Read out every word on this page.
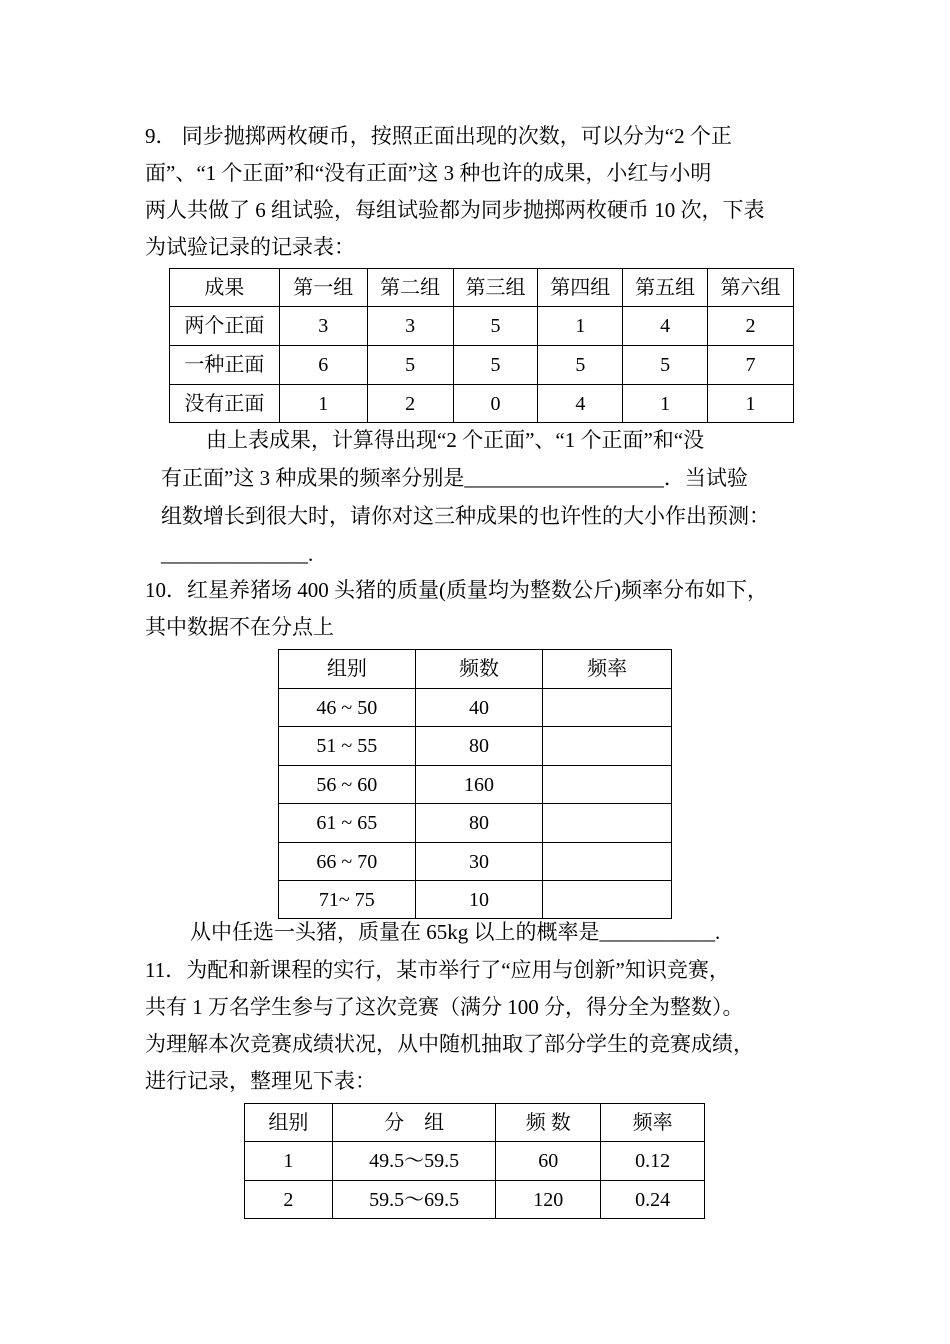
9． 同步抛掷两枚硬币，按照正面出现的次数，可以分为“2 个正
面”、“1 个正面”和“没有正面”这 3 种也许的成果，小红与小明
两人共做了 6 组试验，每组试验都为同步抛掷两枚硬币 10 次，下表
为试验记录的记录表：
成果	第一组	第二组	第三组	第四组	第五组	第六组
两个正面	3	3	5	1	4	2
一种正面	6	5	5	5	5	7
没有正面	1	2	0	4	1	1
由上表成果，计算得出现“2 个正面”、“1 个正面”和“没
有正面”这 3 种成果的频率分别是___________________．当试验
组数增长到很大时，请你对这三种成果的也许性的大小作出预测：
______________.
10．红星养猪场 400 头猪的质量(质量均为整数公斤)频率分布如下，
其中数据不在分点上
组别	频数	频率
46 ~ 50	40	
51 ~ 55	80	
56 ~ 60	160	
61 ~ 65	80	
66 ~ 70	30	
71~ 75	10	
从中任选一头猪，质量在 65kg 以上的概率是___________.
11．为配和新课程的实行，某市举行了“应用与创新”知识竞赛，
共有 1 万名学生参与了这次竞赛（满分 100 分，得分全为整数）。
为理解本次竞赛成绩状况，从中随机抽取了部分学生的竞赛成绩，
进行记录，整理见下表：
组别	分　组	频 数	频率
1	49.5～59.5	60	0.12
2	59.5～69.5	120	0.24
